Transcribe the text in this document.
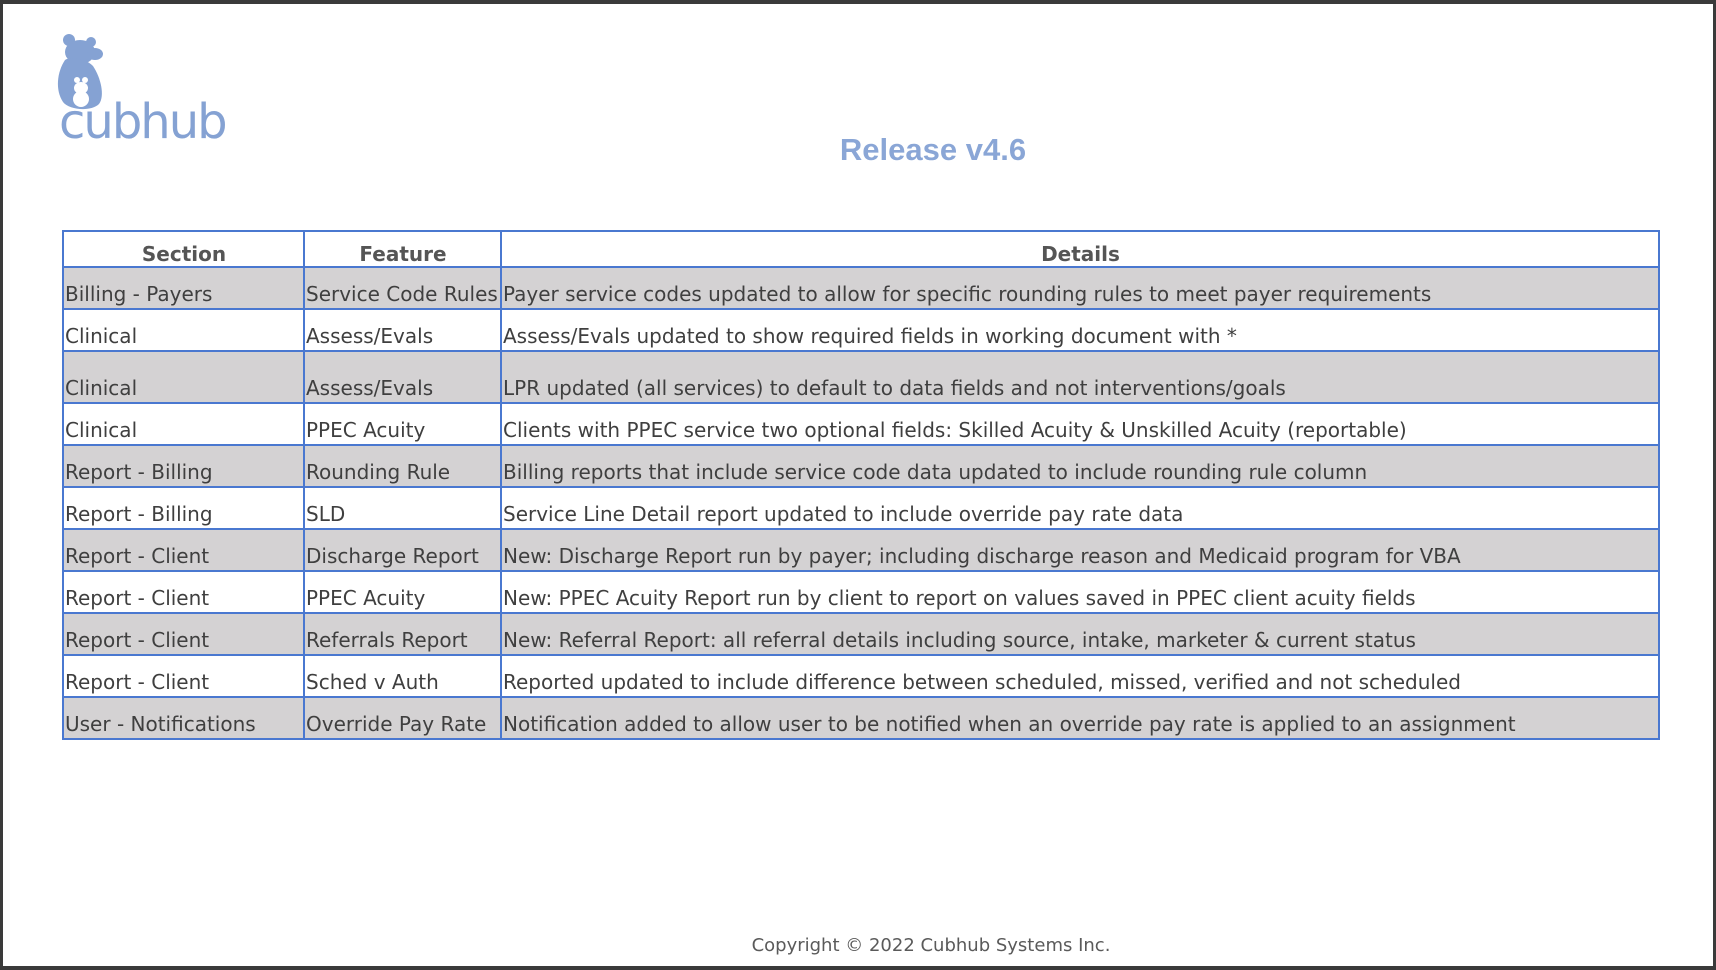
cubhub	Release v4.6
Section	Feature	Details
Billing - Payers	Service Code Rules	Payer service codes updated to allow for specific rounding rules to meet payer requirements
Clinical	Assess/Evals	Assess/Evals updated to show required fields in working document with *
Clinical	Assess/Evals	LPR updated (all services) to default to data fields and not interventions/goals
Clinical	PPEC Acuity	Clients with PPEC service two optional fields: Skilled Acuity & Unskilled Acuity (reportable)
Report - Billing	Rounding Rule	Billing reports that include service code data updated to include rounding rule column
Report - Billing	SLD	Service Line Detail report updated to include override pay rate data
Report - Client	Discharge Report	New: Discharge Report run by payer; including discharge reason and Medicaid program for VBA
Report - Client	PPEC Acuity	New: PPEC Acuity Report run by client to report on values saved in PPEC client acuity fields
Report - Client	Referrals Report	New: Referral Report: all referral details including source, intake, marketer & current status
Report - Client	Sched v Auth	Reported updated to include difference between scheduled, missed, verified and not scheduled
User - Notifications	Override Pay Rate	Notification added to allow user to be notified when an override pay rate is applied to an assignment
Copyright © 2022 Cubhub Systems Inc.
